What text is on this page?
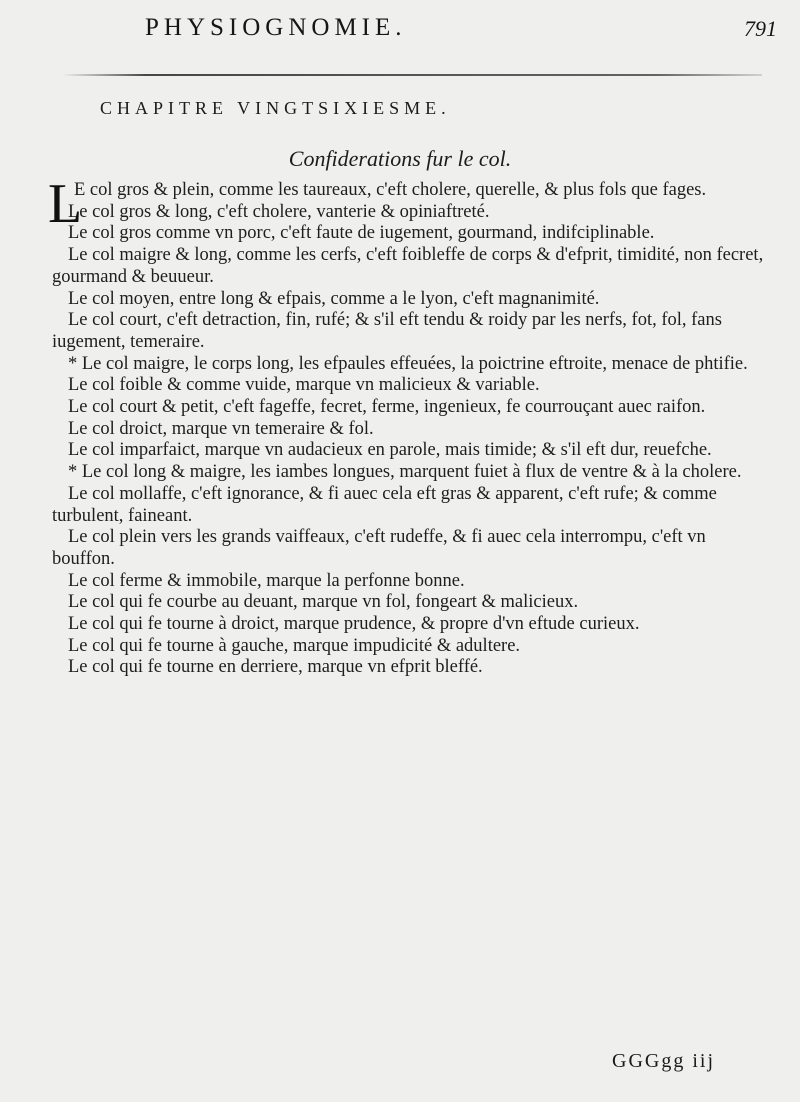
PHYSIOGNOMIE.	791
CHAPITRE VINGTSIXIESME.
Confiderations fur le col.

L
E col gros & plein, comme les taureaux, c'eft cholere, querelle, & plus fols que fages.

Le col gros & long, c'eft cholere, vanterie & opiniaftreté.

Le col gros comme vn porc, c'eft faute de iugement, gourmand, indifciplinable.

Le col maigre & long, comme les cerfs, c'eft foibleffe de corps & d'efprit, timidité, non fecret, gourmand & beuueur.

Le col moyen, entre long & efpais, comme a le lyon, c'eft magnanimité.

Le col court, c'eft detraction, fin, rufé; & s'il eft tendu & roidy par les nerfs, fot, fol, fans iugement, temeraire.

* Le col maigre, le corps long, les efpaules effeuées, la poictrine eftroite, menace de phtifie.

Le col foible & comme vuide, marque vn malicieux & variable.

Le col court & petit, c'eft fageffe, fecret, ferme, ingenieux, fe courrouçant auec raifon.

Le col droict, marque vn temeraire & fol.

Le col imparfaict, marque vn audacieux en parole, mais timide; & s'il eft dur, reuefche.

* Le col long & maigre, les iambes longues, marquent fuiet à flux de ventre & à la cholere.

Le col mollaffe, c'eft ignorance, & fi auec cela eft gras & apparent, c'eft rufe; & comme turbulent, faineant.

Le col plein vers les grands vaiffeaux, c'eft rudeffe, & fi auec cela interrompu, c'eft vn bouffon.

Le col ferme & immobile, marque la perfonne bonne.

Le col qui fe courbe au deuant, marque vn fol, fongeart & malicieux.

Le col qui fe tourne à droict, marque prudence, & propre d'vn eftude curieux.

Le col qui fe tourne à gauche, marque impudicité & adultere.

Le col qui fe tourne en derriere, marque vn efprit bleffé.

GGGgg iij
